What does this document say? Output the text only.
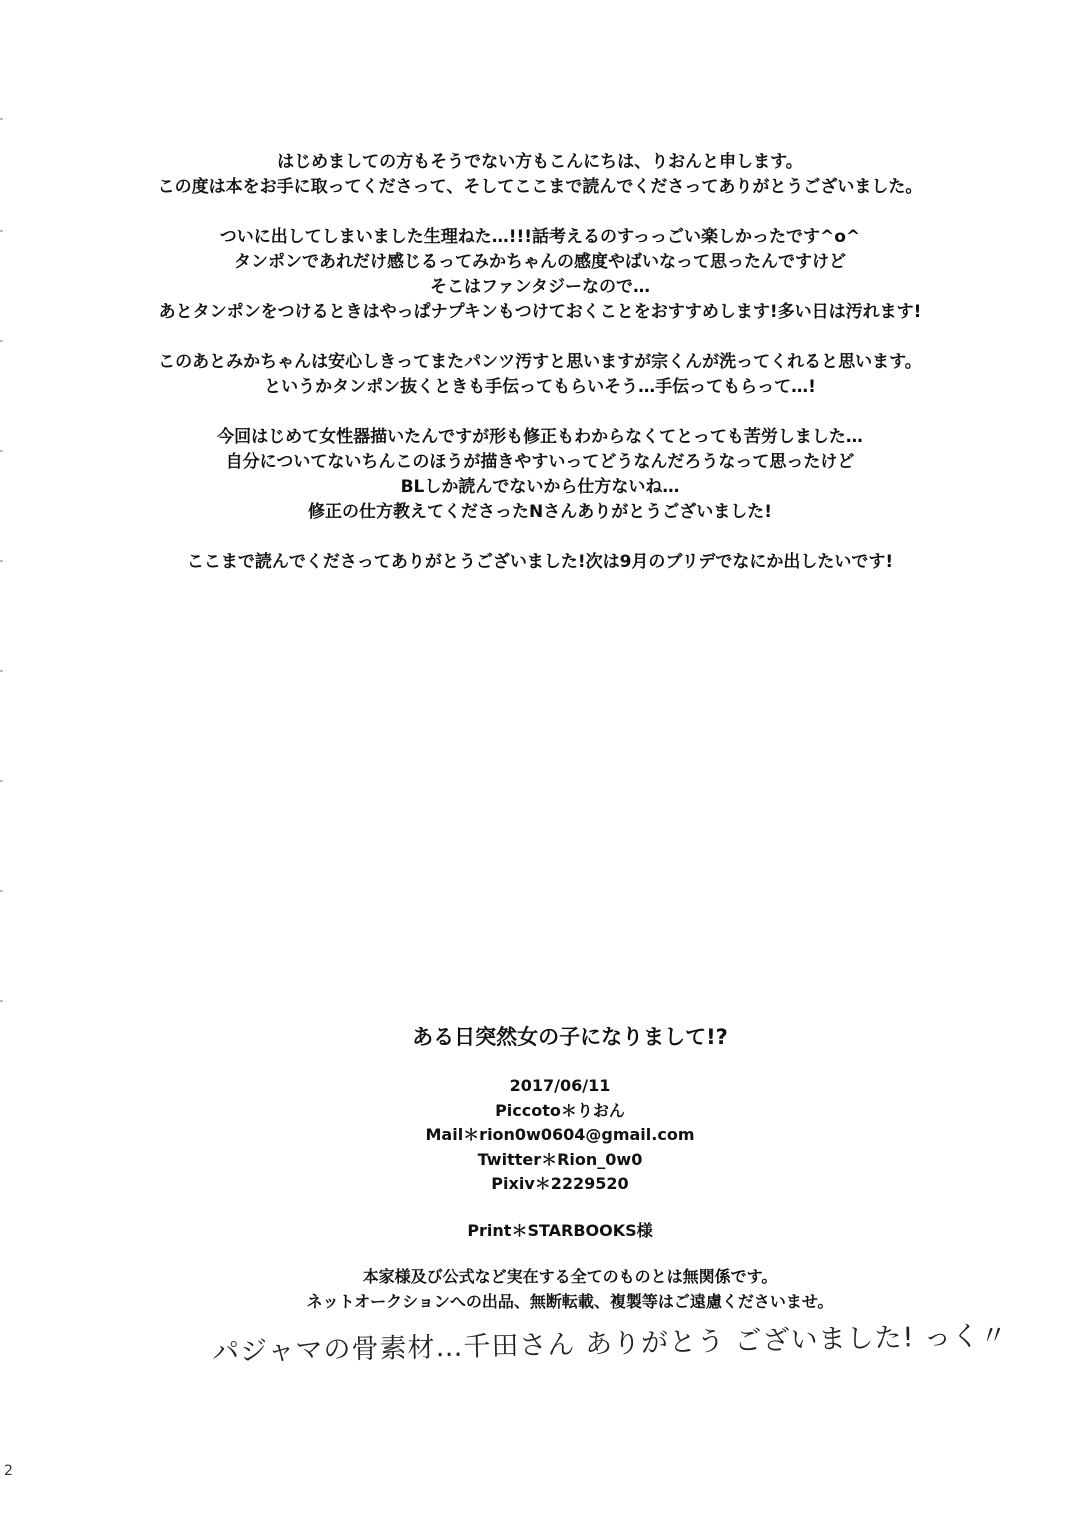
はじめましての方もそうでない方もこんにちは、りおんと申します。
この度は本をお手に取ってくださって、そしてここまで読んでくださってありがとうございました。
ついに出してしまいました生理ねた…!!!話考えるのすっっごい楽しかったです^o^
タンポンであれだけ感じるってみかちゃんの感度やばいなって思ったんですけど
そこはファンタジーなので…
あとタンポンをつけるときはやっぱナプキンもつけておくことをおすすめします!多い日は汚れます!
このあとみかちゃんは安心しきってまたパンツ汚すと思いますが宗くんが洗ってくれると思います。
というかタンポン抜くときも手伝ってもらいそう…手伝ってもらって…!
今回はじめて女性器描いたんですが形も修正もわからなくてとっても苦労しました…
自分についてないちんこのほうが描きやすいってどうなんだろうなって思ったけど
BLしか読んでないから仕方ないね…
修正の仕方教えてくださったNさんありがとうございました!
ここまで読んでくださってありがとうございました!次は9月のブリデでなにか出したいです!
ある日突然女の子になりまして!?
2017/06/11
Piccoto＊りおん
Mail＊rion0w0604@gmail.com
Twitter＊Rion_0w0
Pixiv＊2229520
Print＊STARBOOKS様
本家様及び公式など実在する全てのものとは無関係です。
ネットオークションへの出品、無断転載、複製等はご遠慮くださいませ。
パジャマの骨素材…千田さん ありがとう ございました! っく〃
2
